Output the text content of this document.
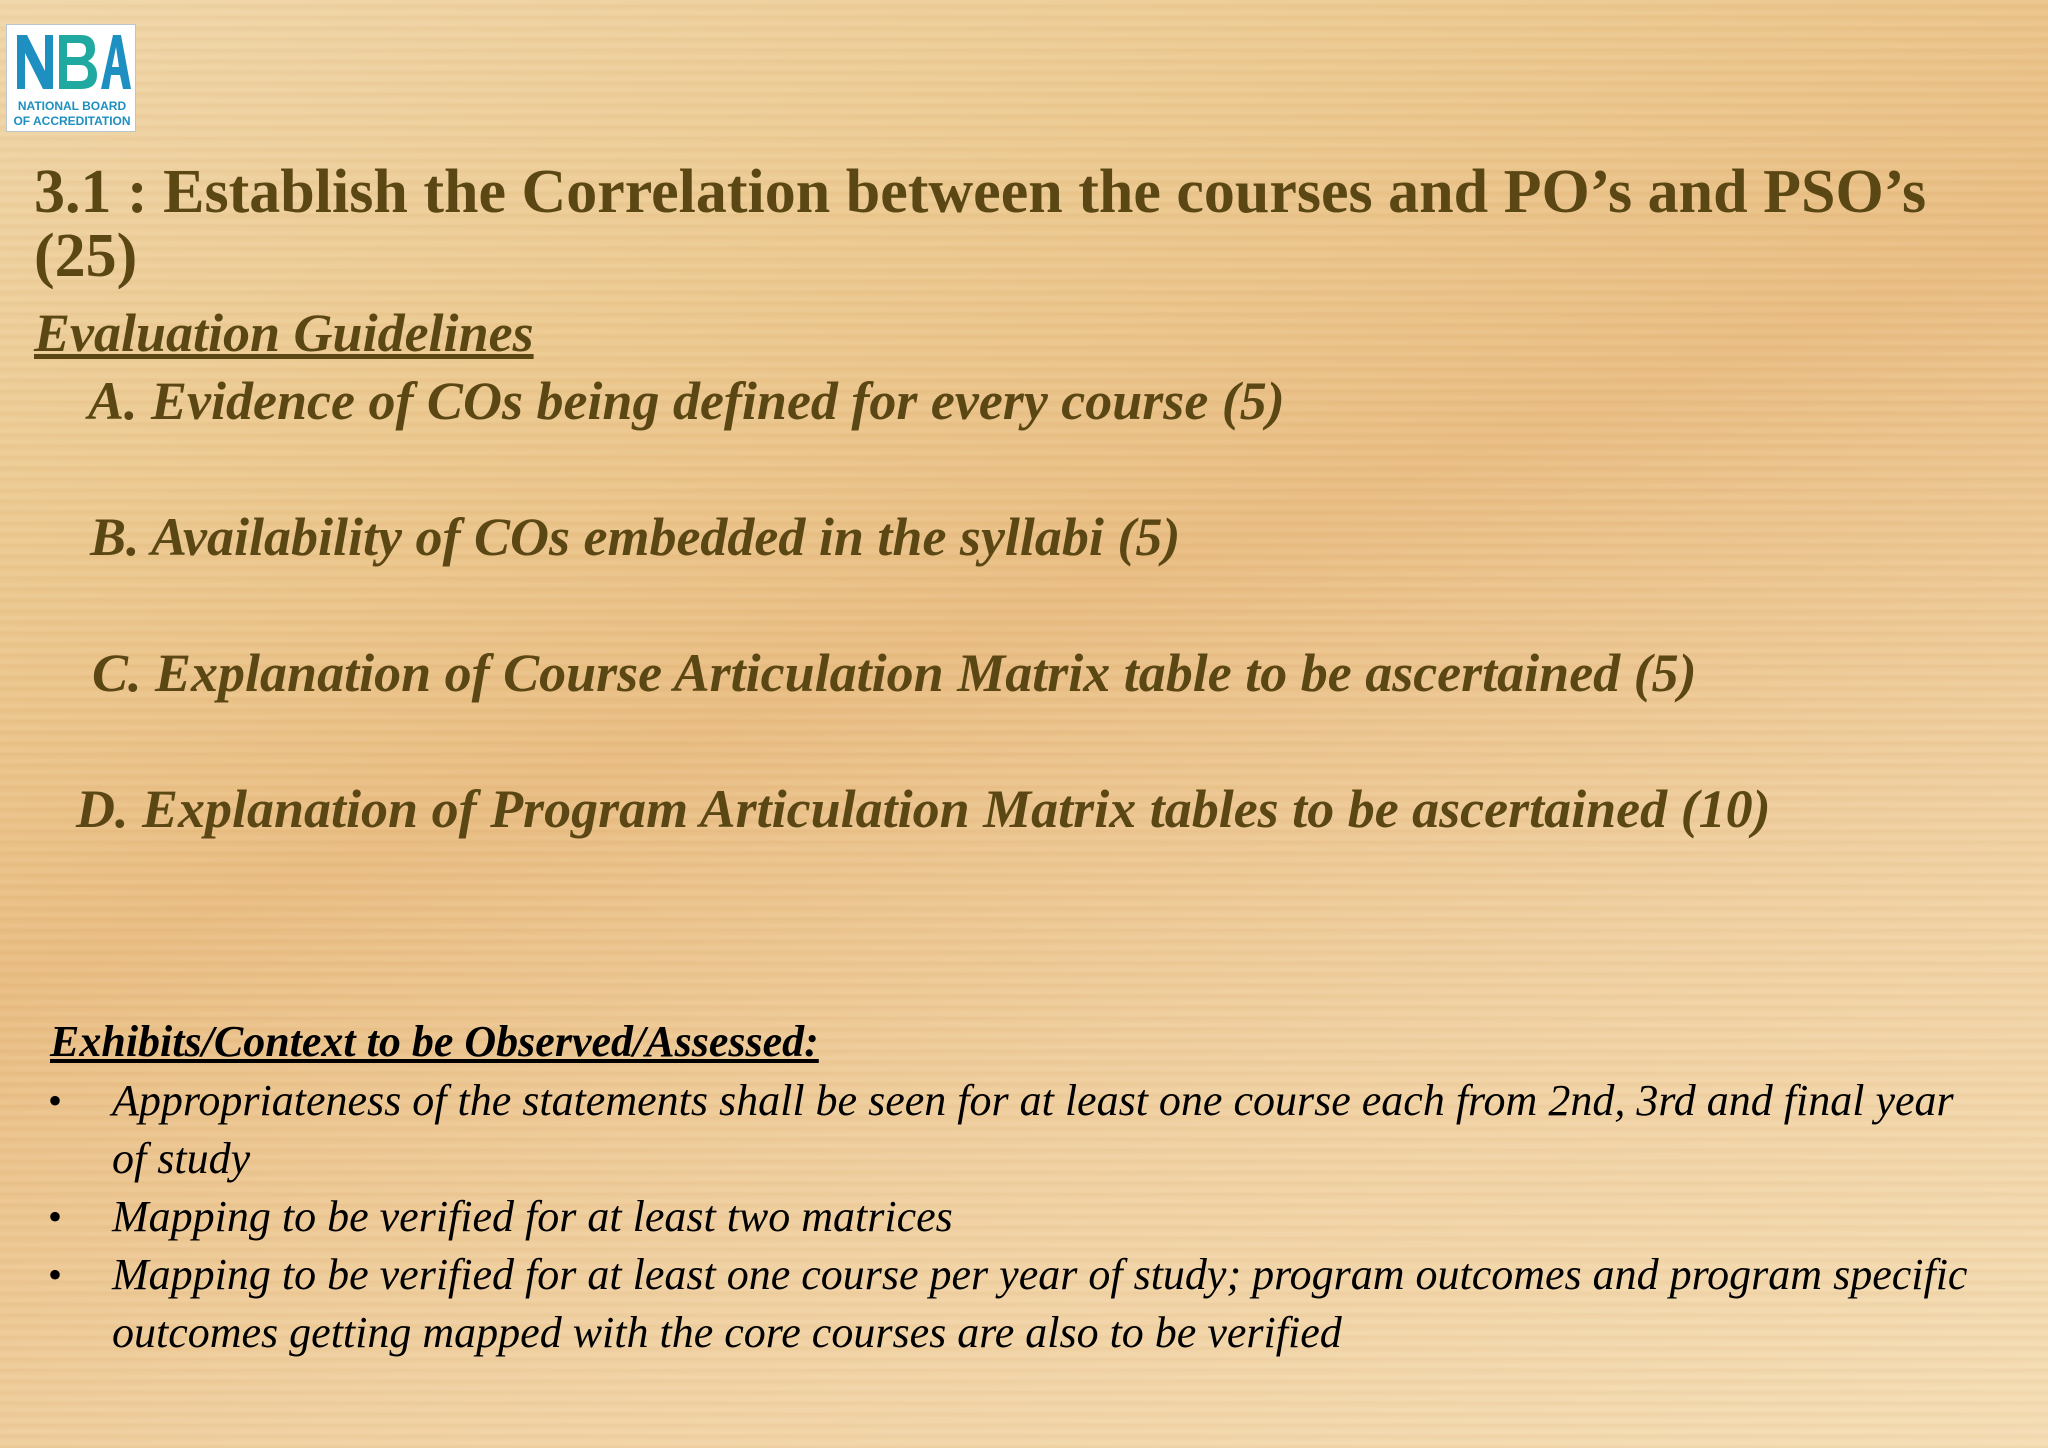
NATIONAL BOARD
OF ACCREDITATION
3.1 : Establish the Correlation between the courses and PO’s and PSO’s (25)
Evaluation Guidelines

A. Evidence of COs being defined for every course (5)

B. Availability of COs embedded in the syllabi (5)

C. Explanation of Course Articulation Matrix table to be ascertained (5)

D. Explanation of Program Articulation Matrix tables to be ascertained (10)

Exhibits/Context to be Observed/Assessed:
• Appropriateness of the statements shall be seen for at least one course each from 2nd, 3rd and final year of study
• Mapping to be verified for at least two matrices
• Mapping to be verified for at least one course per year of study; program outcomes and program specific outcomes getting mapped with the core courses are also to be verified
